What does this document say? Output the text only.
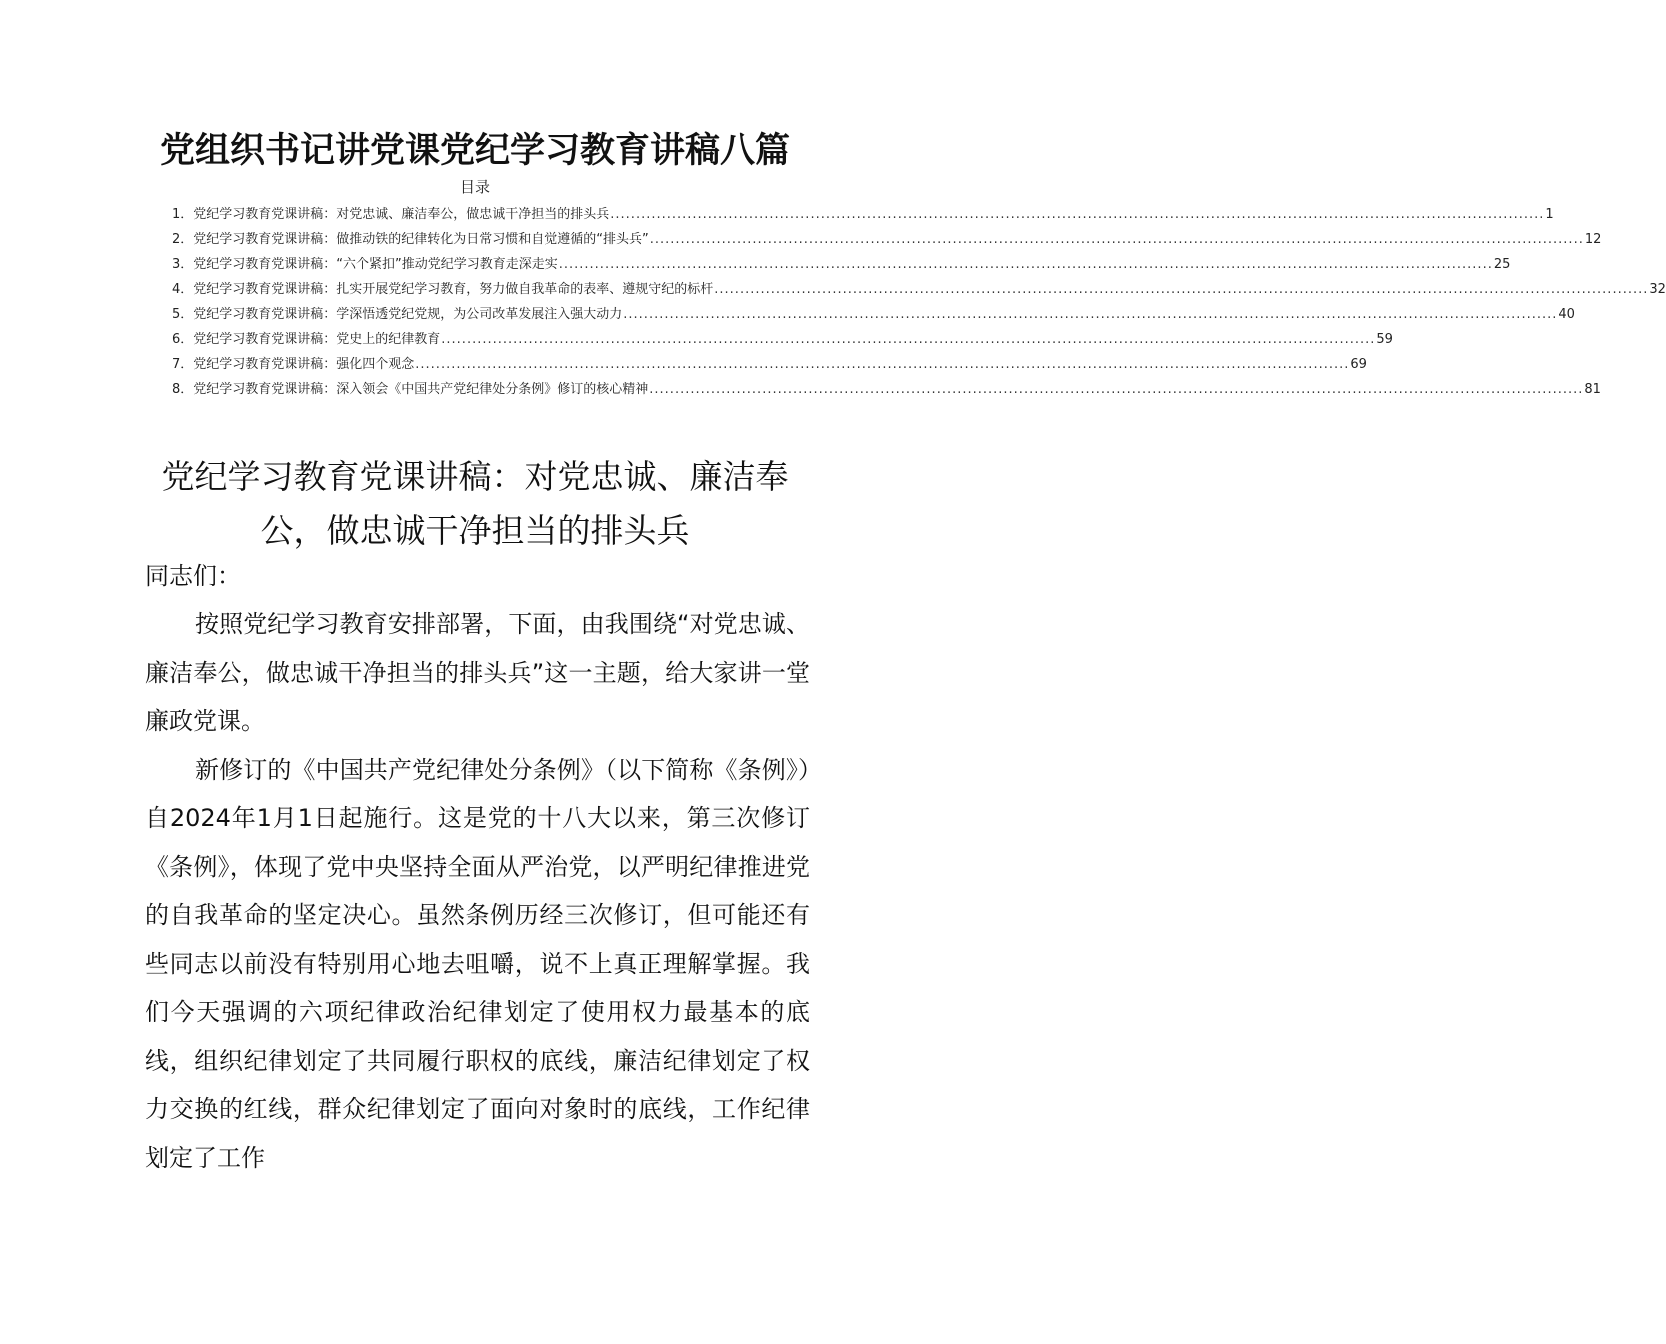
党组织书记讲党课党纪学习教育讲稿八篇
目录
1．党纪学习教育党课讲稿：对党忠诚、廉洁奉公，做忠诚干净担当的排头兵 .....	1
2．党纪学习教育党课讲稿：做推动铁的纪律转化为日常习惯和自觉遵循的“排头兵” .....	12
3．党纪学习教育党课讲稿：“六个紧扣”推动党纪学习教育走深走实 .....	25
4．党纪学习教育党课讲稿：扎实开展党纪学习教育，努力做自我革命的表率、遵规守纪的标杆 .....	32
5．党纪学习教育党课讲稿：学深悟透党纪党规，为公司改革发展注入强大动力 .....	40
6．党纪学习教育党课讲稿：党史上的纪律教育 .....	59
7．党纪学习教育党课讲稿：强化四个观念 .....	69
8．党纪学习教育党课讲稿：深入领会《中国共产党纪律处分条例》修订的核心精神 .....	81
党纪学习教育党课讲稿：对党忠诚、廉洁奉公，做忠诚干净担当的排头兵
同志们：

按照党纪学习教育安排部署，下面，由我围绕“对党忠诚、廉洁奉公，做忠诚干净担当的排头兵”这一主题，给大家讲一堂廉政党课。

新修订的《中国共产党纪律处分条例》（以下简称《条例》）自2024年1月1日起施行。这是党的十八大以来，第三次修订《条例》，体现了党中央坚持全面从严治党，以严明纪律推进党的自我革命的坚定决心。虽然条例历经三次修订，但可能还有些同志以前没有特别用心地去咀嚼，说不上真正理解掌握。我们今天强调的六项纪律政治纪律划定了使用权力最基本的底线，组织纪律划定了共同履行职权的底线，廉洁纪律划定了权力交换的红线，群众纪律划定了面向对象时的底线，工作纪律划定了工作
